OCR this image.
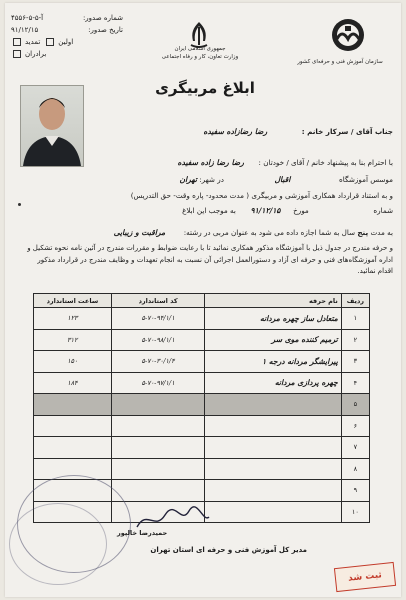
سازمان آموزش فنی و حرفه‌ای کشور
جمهوری اسلامی ایران
وزارت تعاون، کار و رفاه اجتماعی
شماره صدور:
۴۵۵۶-آ-۵-۵
تاریخ صدور:
۹۱/۱۲/۱۵
اولین
تمدید
برادران
ابلاغ مربیگری
جناب آقای / سرکار خانم :  رضا رضازاده سفیده
با احترام بنا به پیشنهاد خانم / آقای / خودتان :  رضا رضا زاده سفیده
موسس آموزشگاه  اقبال  در شهر: تهران
و به استناد قرارداد همکاری آموزشی و مربیگری ( مدت محدود- پاره وقت- حق التدریس)
شماره  مورخ  ۹۱/۱۲/۱۵  به موجب این ابلاغ
به مدت پنج سال به شما اجازه داده می شود به عنوان مربی در رشته:  مراقبت و زیبایی
و حرفه مندرج در جدول ذیل با آموزشگاه مذکور همکاری نمائید تا با رعایت ضوابط و مقررات مندرج در آئین نامه نحوه تشکیل و اداره آموزشگاه‌های فنی و حرفه ای آزاد و دستورالعمل اجرائی آن نسبت به انجام تعهدات و وظایف مندرج در قرارداد مذکور اقدام نمائید.
ردیف	نام حرفه	کد استاندارد	ساعت استاندارد
۱	متعادل ساز چهره مردانه	۵-۷۰-۹۴/۱/۱	۱۲۳
۲	ترمیم کننده موی سر	۵-۷۰-۹۸/۱/۱	۳۱۲
۳	پیرایشگر مردانه درجه ۱	۵-۷۰-۳۰/۱/۴	۱۵۰
۴	چهره پردازی مردانه	۵-۷۰-۹۷/۱/۱	۱۸۴
۵			
۶			
۷			
۸			
۹			
۱۰			
حمیدرضا خالپور
مدیر کل آموزش فنی و حرفه ای استان تهران
ثبت شد
